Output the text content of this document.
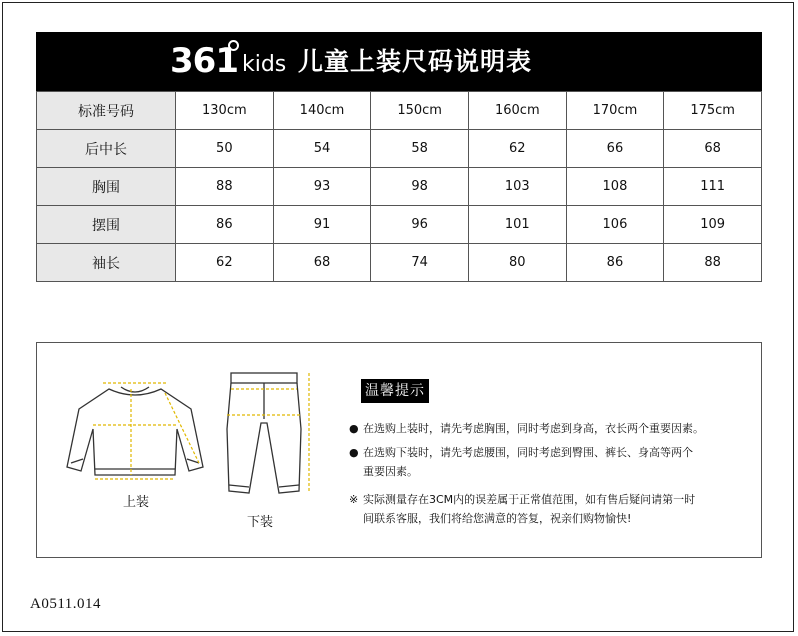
361 kids 儿童上装尺码说明表
标准号码	130cm	140cm	150cm	160cm	170cm	175cm
后中长	50	54	58	62	66	68
胸围	88	93	98	103	108	111
摆围	86	91	96	101	106	109
袖长	62	68	74	80	86	88
上装
下装
温馨提示
● 在选购上装时，请先考虑胸围，同时考虑到身高，衣长两个重要因素。
● 在选购下装时，请先考虑腰围，同时考虑到臀围、裤长、身高等两个
重要因素。
※ 实际测量存在3CM内的误差属于正常值范围，如有售后疑问请第一时
间联系客服，我们将给您满意的答复，祝亲们购物愉快!
A0511.014
